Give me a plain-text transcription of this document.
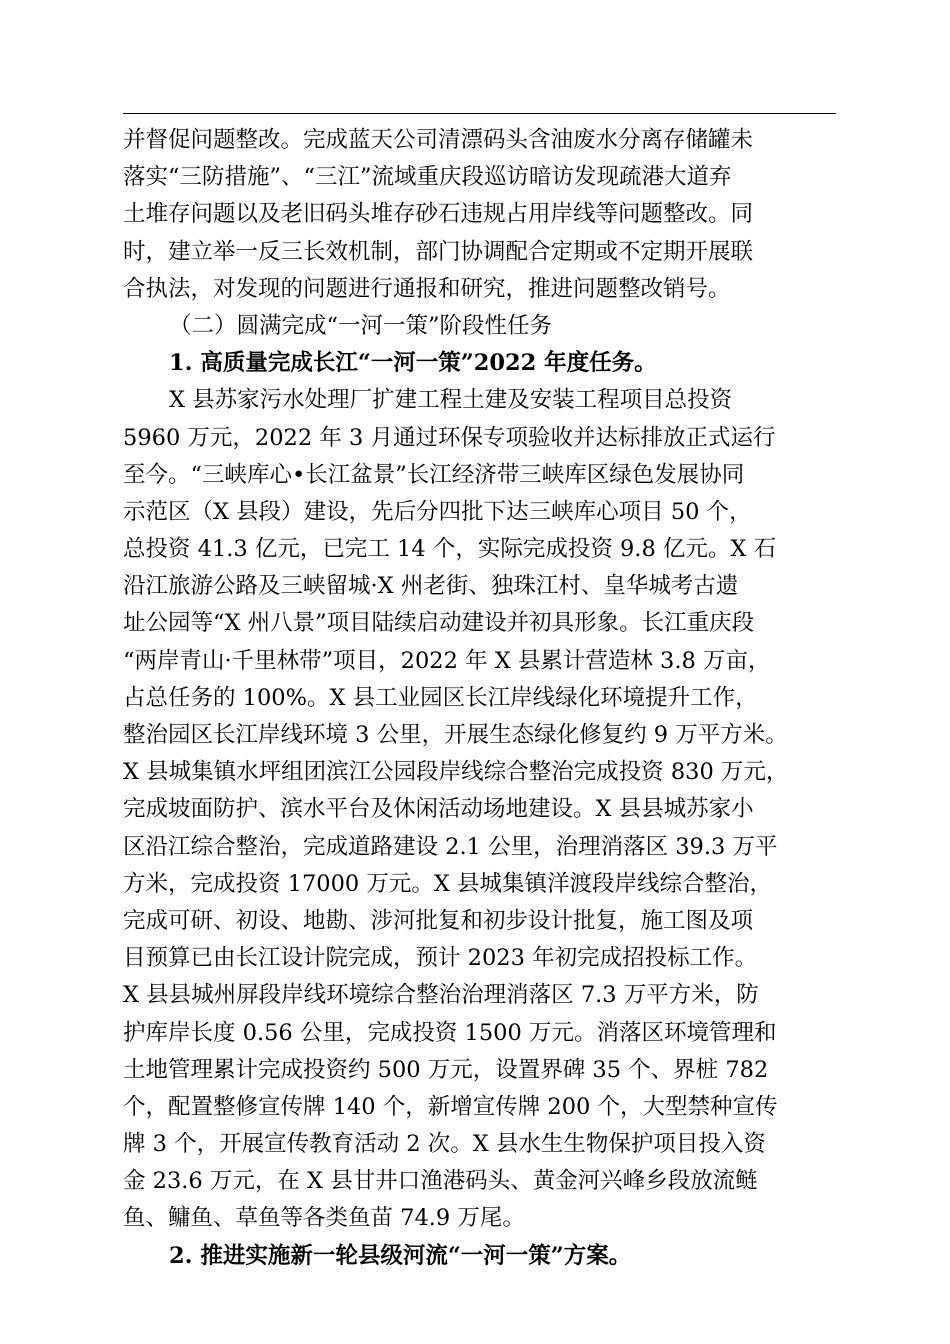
并督促问题整改。完成蓝天公司清漂码头含油废水分离存储罐未
落实“三防措施”、“三江”流域重庆段巡访暗访发现疏港大道弃
土堆存问题以及老旧码头堆存砂石违规占用岸线等问题整改。同
时，建立举一反三长效机制，部门协调配合定期或不定期开展联
合执法，对发现的问题进行通报和研究，推进问题整改销号。
（二）圆满完成“一河一策”阶段性任务
1. 高质量完成长江“一河一策”2022 年度任务。
X 县苏家污水处理厂扩建工程土建及安装工程项目总投资
5960 万元，2022 年 3 月通过环保专项验收并达标排放正式运行
至今。“三峡库心•长江盆景”长江经济带三峡库区绿色发展协同
示范区（X 县段）建设，先后分四批下达三峡库心项目 50 个，
总投资 41.3 亿元，已完工 14 个，实际完成投资 9.8 亿元。X 石
沿江旅游公路及三峡留城·X 州老街、独珠江村、皇华城考古遗
址公园等“X 州八景”项目陆续启动建设并初具形象。长江重庆段
“两岸青山·千里林带”项目，2022 年 X 县累计营造林 3.8 万亩，
占总任务的 100%。X 县工业园区长江岸线绿化环境提升工作，
整治园区长江岸线环境 3 公里，开展生态绿化修复约 9 万平方米。
X 县城集镇水坪组团滨江公园段岸线综合整治完成投资 830 万元，
完成坡面防护、滨水平台及休闲活动场地建设。X 县县城苏家小
区沿江综合整治，完成道路建设 2.1 公里，治理消落区 39.3 万平
方米，完成投资 17000 万元。X 县城集镇洋渡段岸线综合整治，
完成可研、初设、地勘、涉河批复和初步设计批复，施工图及项
目预算已由长江设计院完成，预计 2023 年初完成招投标工作。
X 县县城州屏段岸线环境综合整治治理消落区 7.3 万平方米，防
护库岸长度 0.56 公里，完成投资 1500 万元。消落区环境管理和
土地管理累计完成投资约 500 万元，设置界碑 35 个、界桩 782
个，配置整修宣传牌 140 个，新增宣传牌 200 个，大型禁种宣传
牌 3 个，开展宣传教育活动 2 次。X 县水生生物保护项目投入资
金 23.6 万元，在 X 县甘井口渔港码头、黄金河兴峰乡段放流鲢
鱼、鳙鱼、草鱼等各类鱼苗 74.9 万尾。
2. 推进实施新一轮县级河流“一河一策”方案。
